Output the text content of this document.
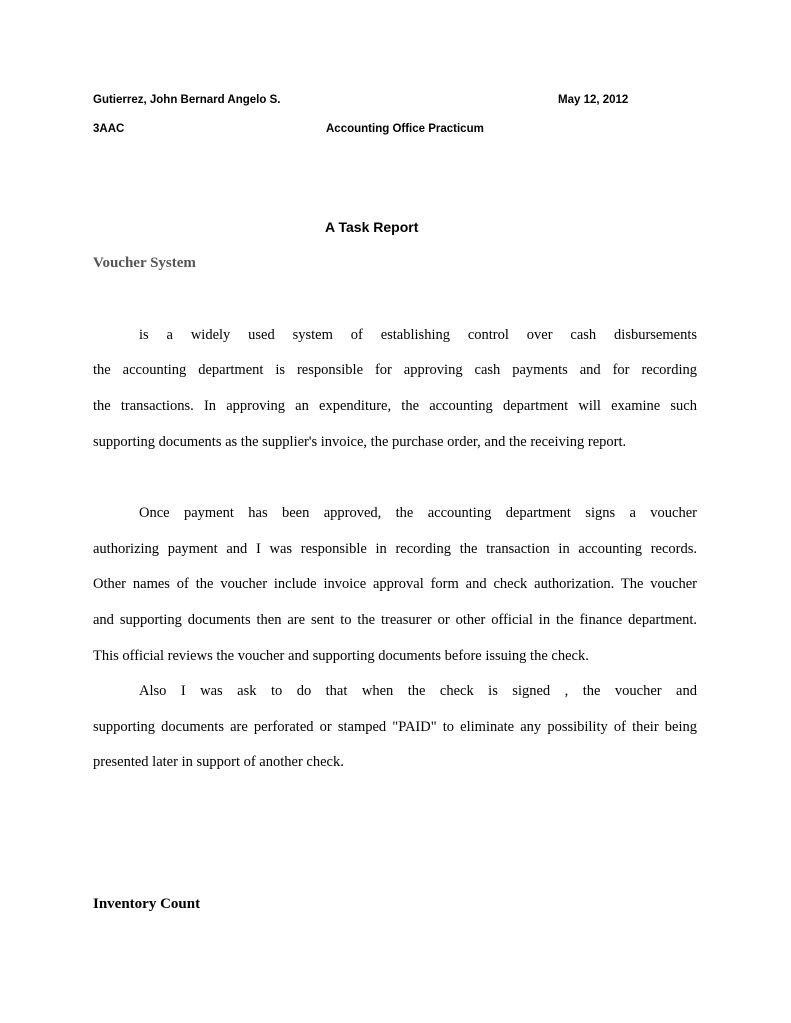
Gutierrez, John Bernard Angelo S.	May 12, 2012
3AAC	Accounting Office Practicum
A Task Report
Voucher System
is a widely used system of establishing control over cash disbursements
the accounting department is responsible for approving cash payments and for recording
the transactions. In approving an expenditure, the accounting department will examine such
supporting documents as the supplier's invoice, the purchase order, and the receiving report.
Once payment has been approved, the accounting department signs a voucher
authorizing payment and I was responsible in recording the transaction in accounting records.
Other names of the voucher include invoice approval form and check authorization. The voucher
and supporting documents then are sent to the treasurer or other official in the finance department.
This official reviews the voucher and supporting documents before issuing the check.
Also I was ask to do that when the check is signed , the voucher and
supporting documents are perforated or stamped "PAID" to eliminate any possibility of their being
presented later in support of another check.
Inventory Count
